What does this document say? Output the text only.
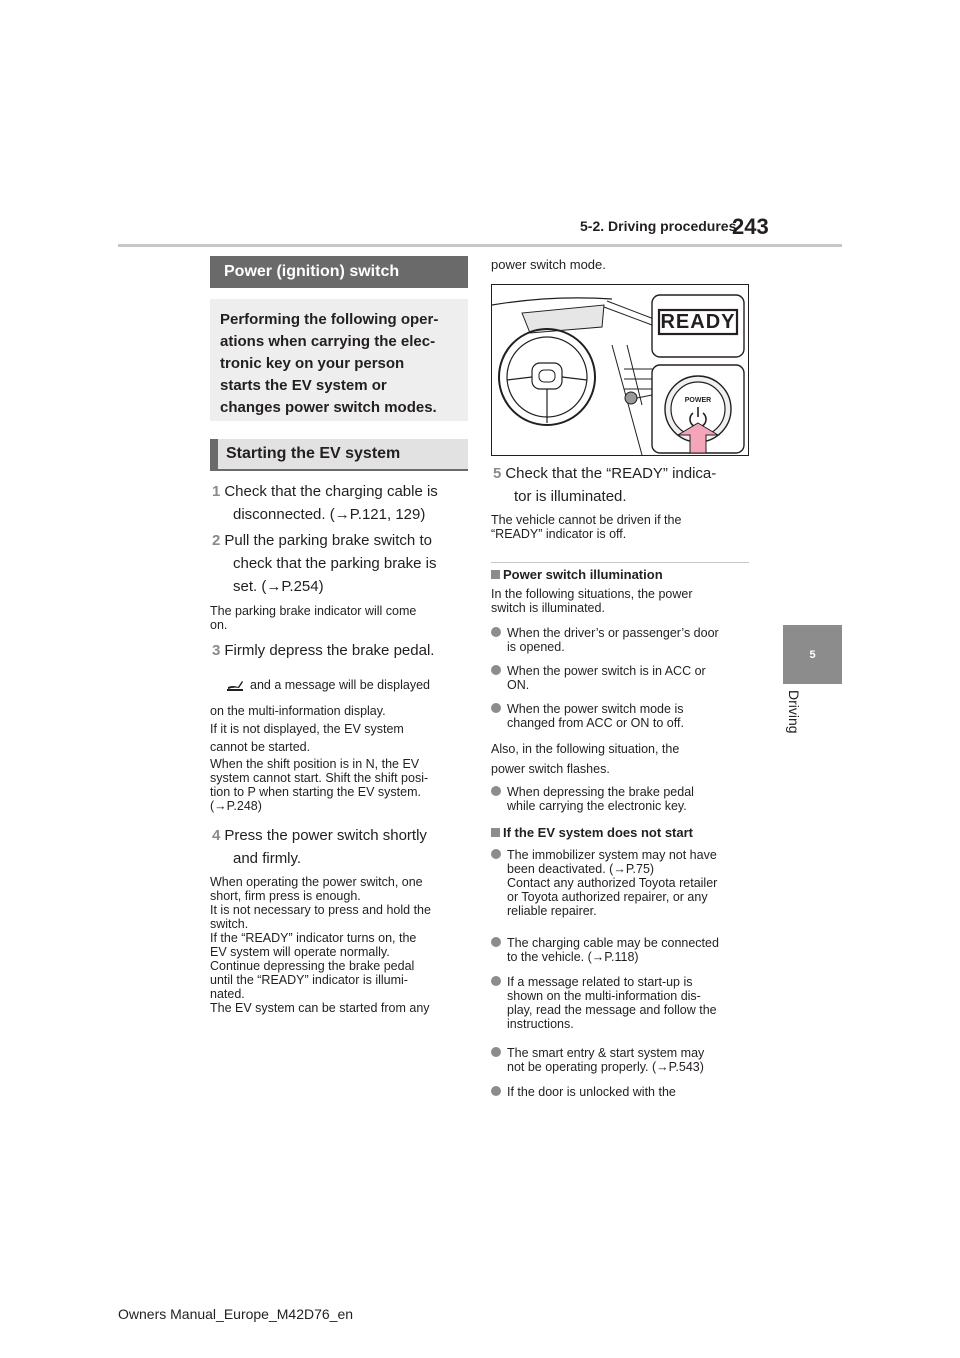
5-2. Driving procedures
243
5
Driving
Power (ignition) switch
Performing the following oper-
ations when carrying the elec-
tronic key on your person
starts the EV system or
changes power switch modes.
Starting the EV system
1 Check that the charging cable is
disconnected. (→P.121, 129)
2 Pull the parking brake switch to
check that the parking brake is
set. (→P.254)
The parking brake indicator will come
on.
3 Firmly depress the brake pedal.
and a message will be displayed
on the multi-information display.
If it is not displayed, the EV system
cannot be started.
When the shift position is in N, the EV
system cannot start. Shift the shift posi-
tion to P when starting the EV system.
(→P.248)
4 Press the power switch shortly
and firmly.
When operating the power switch, one
short, firm press is enough.
It is not necessary to press and hold the
switch.
If the “READY” indicator turns on, the
EV system will operate normally.
Continue depressing the brake pedal
until the “READY” indicator is illumi-
nated.
The EV system can be started from any
power switch mode.
READY
POWER
5 Check that the “READY” indica-
tor is illuminated.
The vehicle cannot be driven if the
“READY” indicator is off.
Power switch illumination
In the following situations, the power
switch is illuminated.
When the driver’s or passenger’s door
is opened.
When the power switch is in ACC or
ON.
When the power switch mode is
changed from ACC or ON to off.
Also, in the following situation, the
power switch flashes.
When depressing the brake pedal
while carrying the electronic key.
If the EV system does not start
The immobilizer system may not have
been deactivated. (→P.75)
Contact any authorized Toyota retailer
or Toyota authorized repairer, or any
reliable repairer.
The charging cable may be connected
to the vehicle. (→P.118)
If a message related to start-up is
shown on the multi-information dis-
play, read the message and follow the
instructions.
The smart entry & start system may
not be operating properly. (→P.543)
If the door is unlocked with the
Owners Manual_Europe_M42D76_en
